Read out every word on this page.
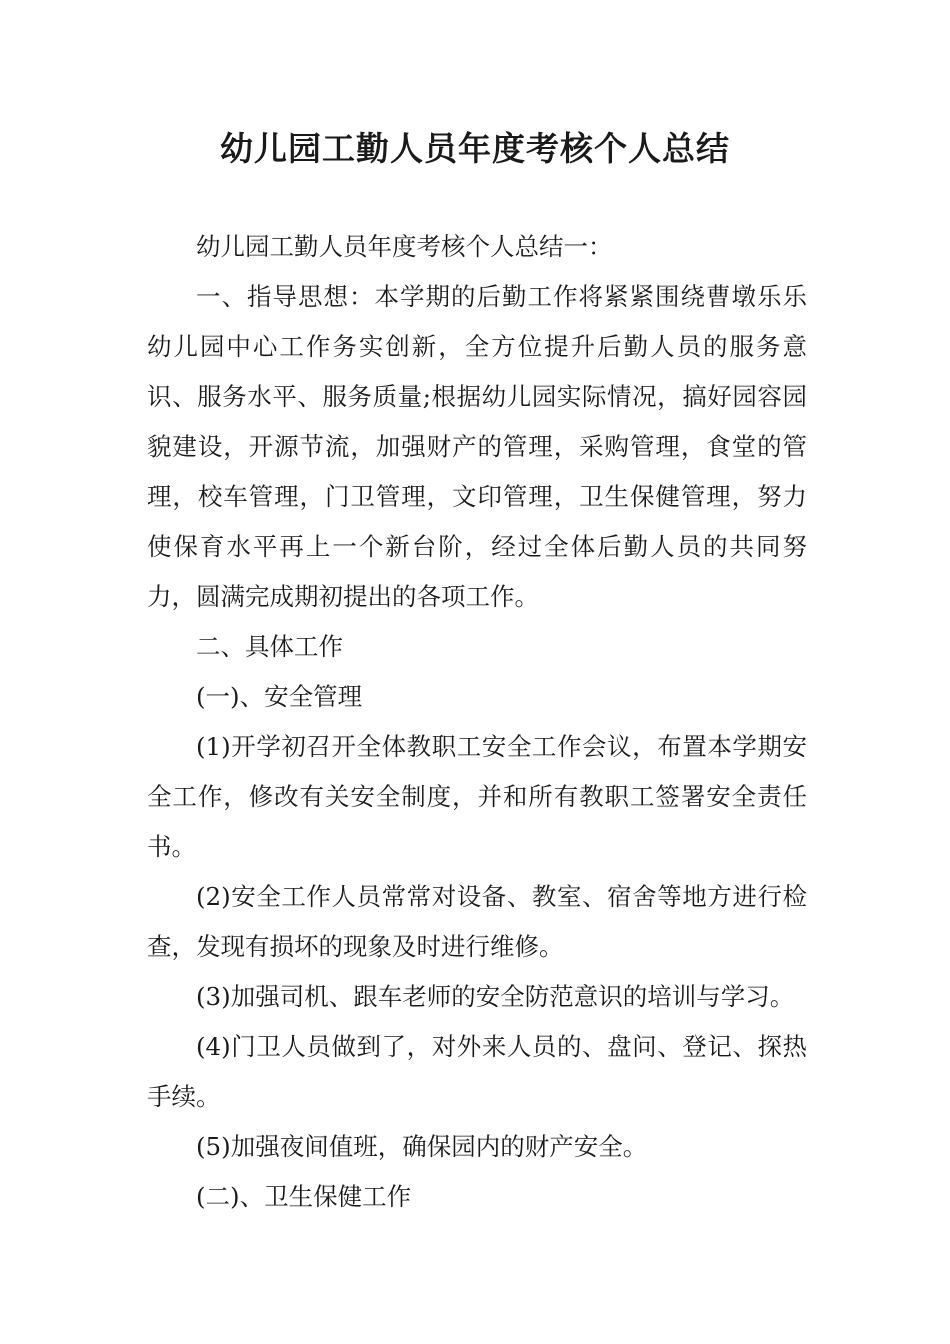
幼儿园工勤人员年度考核个人总结

幼儿园工勤人员年度考核个人总结一：

一、指导思想：本学期的后勤工作将紧紧围绕曹墩乐乐幼儿园中心工作务实创新，全方位提升后勤人员的服务意识、服务水平、服务质量;根据幼儿园实际情况，搞好园容园貌建设，开源节流，加强财产的管理，采购管理，食堂的管理，校车管理，门卫管理，文印管理，卫生保健管理，努力使保育水平再上一个新台阶，经过全体后勤人员的共同努力，圆满完成期初提出的各项工作。

二、具体工作

(一)、安全管理

(1)开学初召开全体教职工安全工作会议，布置本学期安全工作，修改有关安全制度，并和所有教职工签署安全责任书。

(2)安全工作人员常常对设备、教室、宿舍等地方进行检查，发现有损坏的现象及时进行维修。

(3)加强司机、跟车老师的安全防范意识的培训与学习。

(4)门卫人员做到了，对外来人员的、盘问、登记、探热手续。

(5)加强夜间值班，确保园内的财产安全。

(二)、卫生保健工作
